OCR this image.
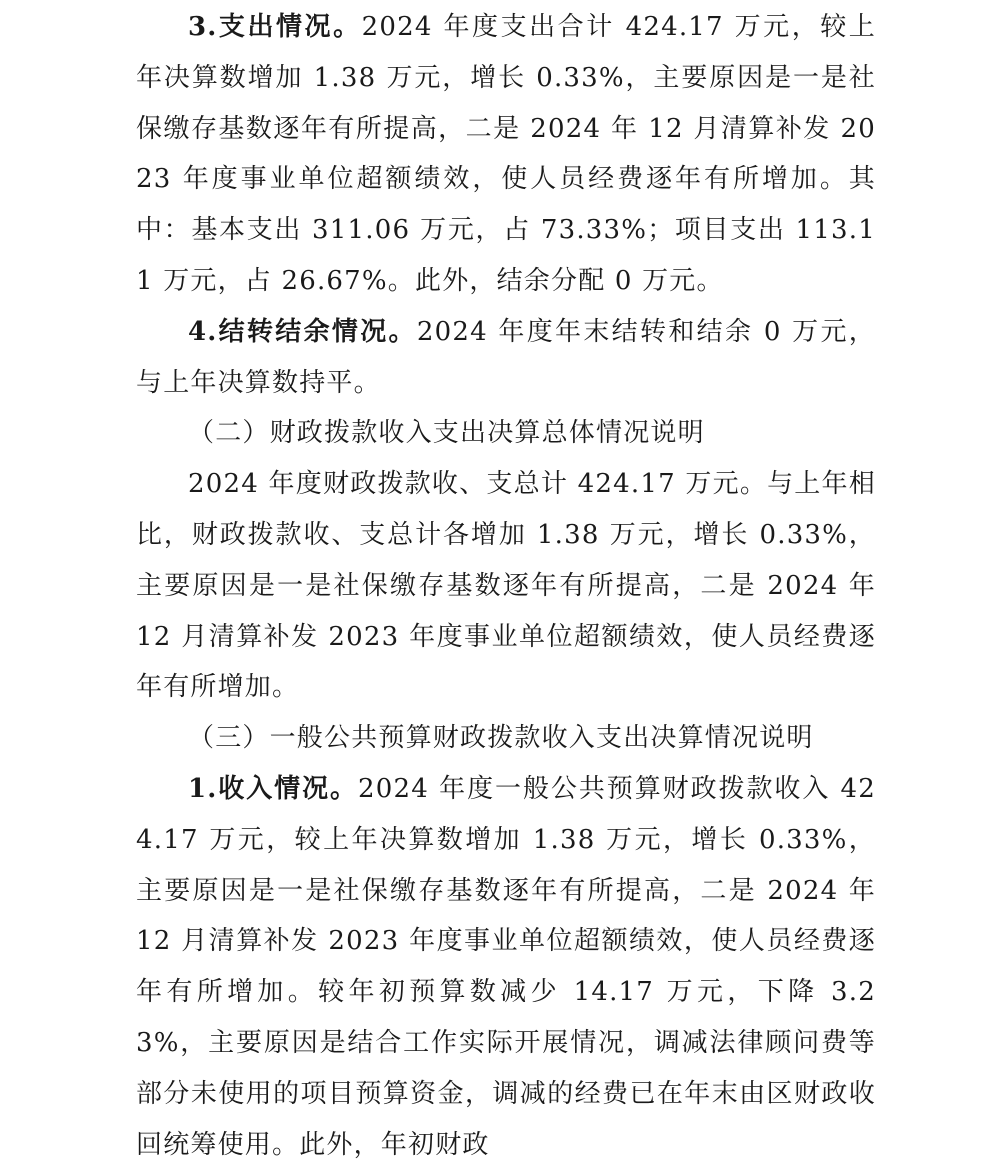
3.支出情况。2024 年度支出合计 424.17 万元，较上年决算数增加 1.38 万元，增长 0.33%，主要原因是一是社保缴存基数逐年有所提高，二是 2024 年 12 月清算补发 2023 年度事业单位超额绩效，使人员经费逐年有所增加。其中：基本支出 311.06 万元，占 73.33%；项目支出 113.11 万元，占 26.67%。此外，结余分配 0 万元。

4.结转结余情况。2024 年度年末结转和结余 0 万元，与上年决算数持平。

（二）财政拨款收入支出决算总体情况说明

2024 年度财政拨款收、支总计 424.17 万元。与上年相比，财政拨款收、支总计各增加 1.38 万元，增长 0.33%，主要原因是一是社保缴存基数逐年有所提高，二是 2024 年 12 月清算补发 2023 年度事业单位超额绩效，使人员经费逐年有所增加。

（三）一般公共预算财政拨款收入支出决算情况说明

1.收入情况。2024 年度一般公共预算财政拨款收入 424.17 万元，较上年决算数增加 1.38 万元，增长 0.33%，主要原因是一是社保缴存基数逐年有所提高，二是 2024 年 12 月清算补发 2023 年度事业单位超额绩效，使人员经费逐年有所增加。较年初预算数减少 14.17 万元，下降 3.23%，主要原因是结合工作实际开展情况，调减法律顾问费等部分未使用的项目预算资金，调减的经费已在年末由区财政收回统筹使用。此外，年初财政
